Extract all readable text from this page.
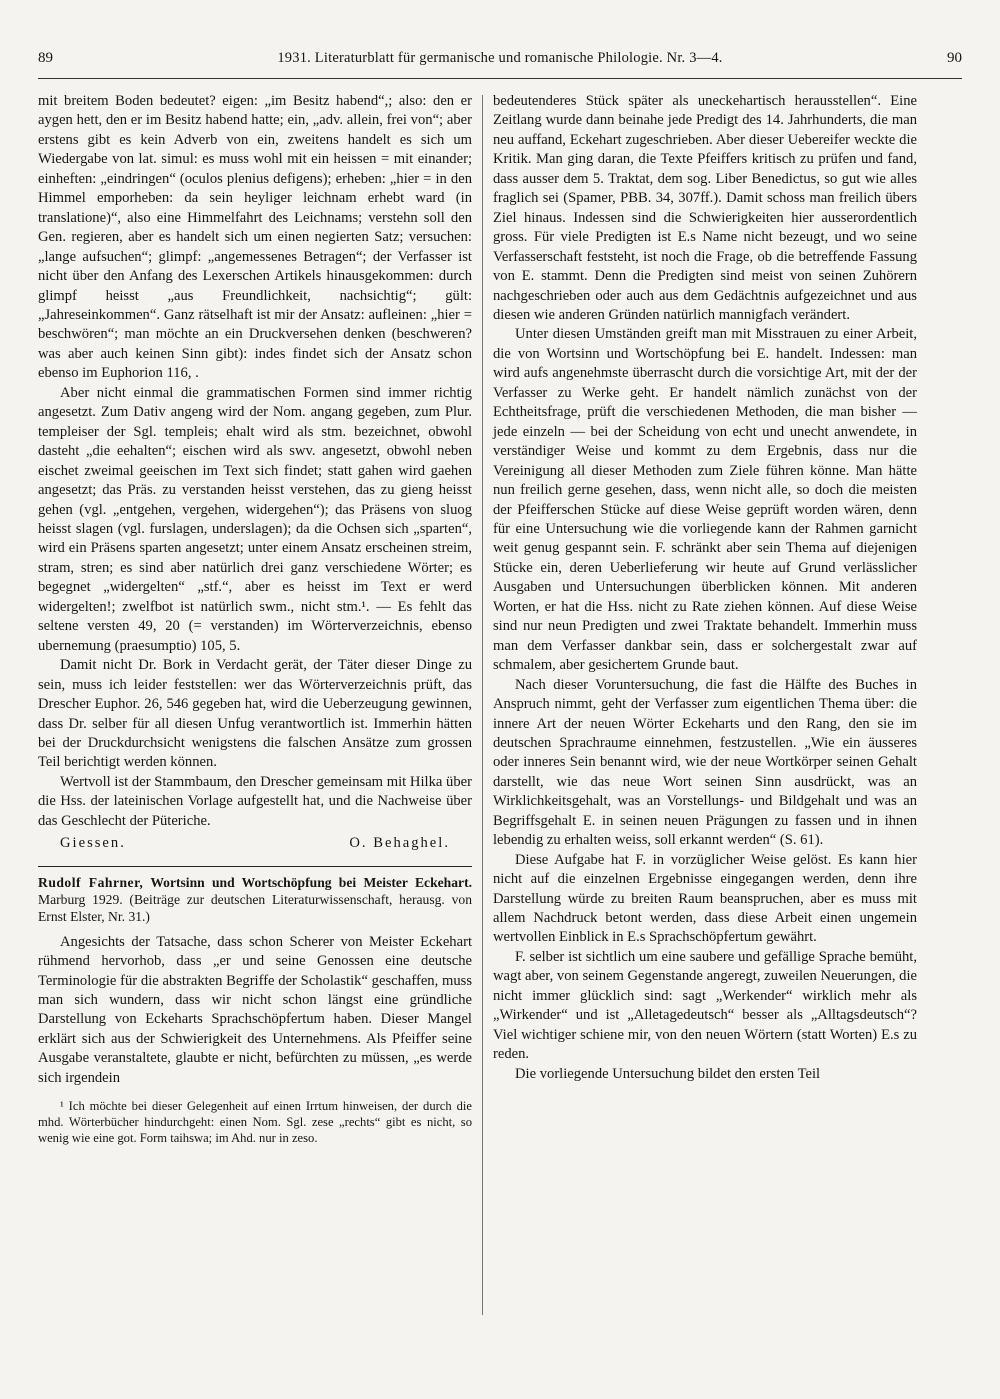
89	1931. Literaturblatt für germanische und romanische Philologie. Nr. 3—4.	90

mit breitem Boden bedeutet? eigen: „im Besitz habend“,; also: den er aygen hett, den er im Besitz habend hatte; ein, „adv. allein, frei von“; aber erstens gibt es kein Adverb von ein, zweitens handelt es sich um Wiedergabe von lat. simul: es muss wohl mit ein heissen = mit einander; einheften: „eindringen“ (oculos plenius defigens); erheben: „hier = in den Himmel emporheben: da sein heyliger leichnam erhebt ward (in translatione)“, also eine Himmelfahrt des Leichnams; verstehn soll den Gen. regieren, aber es handelt sich um einen negierten Satz; versuchen: „lange aufsuchen“; glimpf: „angemessenes Betragen“; der Verfasser ist nicht über den Anfang des Lexerschen Artikels hinausgekommen: durch glimpf heisst „aus Freundlichkeit, nachsichtig“; gült: „Jahreseinkommen“. Ganz rätselhaft ist mir der Ansatz: aufleinen: „hier = beschwören“; man möchte an ein Druckversehen denken (beschweren? was aber auch keinen Sinn gibt): indes findet sich der Ansatz schon ebenso im Euphorion 116, .

Aber nicht einmal die grammatischen Formen sind immer richtig angesetzt. Zum Dativ angeng wird der Nom. angang gegeben, zum Plur. templeiser der Sgl. templeis; ehalt wird als stm. bezeichnet, obwohl dasteht „die eehalten“; eischen wird als swv. angesetzt, obwohl neben eischet zweimal geeischen im Text sich findet; statt gahen wird gaehen angesetzt; das Präs. zu verstanden heisst verstehen, das zu gieng heisst gehen (vgl. „entgehen, vergehen, widergehen“); das Präsens von sluog heisst slagen (vgl. furslagen, underslagen); da die Ochsen sich „sparten“, wird ein Präsens sparten angesetzt; unter einem Ansatz erscheinen streim, stram, stren; es sind aber natürlich drei ganz verschiedene Wörter; es begegnet „widergelten“ „stf.“, aber es heisst im Text er werd widergelten!; zwelfbot ist natürlich swm., nicht stm.¹. — Es fehlt das seltene versten 49, 20 (= verstanden) im Wörterverzeichnis, ebenso ubernemung (praesumptio) 105, 5.

Damit nicht Dr. Bork in Verdacht gerät, der Täter dieser Dinge zu sein, muss ich leider feststellen: wer das Wörterverzeichnis prüft, das Drescher Euphor. 26, 546 gegeben hat, wird die Ueberzeugung gewinnen, dass Dr. selber für all diesen Unfug verantwortlich ist. Immerhin hätten bei der Druckdurchsicht wenigstens die falschen Ansätze zum grossen Teil berichtigt werden können.

Wertvoll ist der Stammbaum, den Drescher gemeinsam mit Hilka über die Hss. der lateinischen Vorlage aufgestellt hat, und die Nachweise über das Geschlecht der Püteriche.

Giessen.	O. Behaghel.
Rudolf Fahrner, Wortsinn und Wortschöpfung bei Meister Eckehart. Marburg 1929. (Beiträge zur deutschen Literaturwissenschaft, herausg. von Ernst Elster, Nr. 31.)

Angesichts der Tatsache, dass schon Scherer von Meister Eckehart rühmend hervorhob, dass „er und seine Genossen eine deutsche Terminologie für die abstrakten Begriffe der Scholastik“ geschaffen, muss man sich wundern, dass wir nicht schon längst eine gründliche Darstellung von Eckeharts Sprachschöpfertum haben. Dieser Mangel erklärt sich aus der Schwierigkeit des Unternehmens. Als Pfeiffer seine Ausgabe veranstaltete, glaubte er nicht, befürchten zu müssen, „es werde sich irgendein

¹ Ich möchte bei dieser Gelegenheit auf einen Irrtum hinweisen, der durch die mhd. Wörterbücher hindurchgeht: einen Nom. Sgl. zese „rechts“ gibt es nicht, so wenig wie eine got. Form taihswa; im Ahd. nur in zeso.

bedeutenderes Stück später als uneckehartisch herausstellen“. Eine Zeitlang wurde dann beinahe jede Predigt des 14. Jahrhunderts, die man neu auffand, Eckehart zugeschrieben. Aber dieser Uebereifer weckte die Kritik. Man ging daran, die Texte Pfeiffers kritisch zu prüfen und fand, dass ausser dem 5. Traktat, dem sog. Liber Benedictus, so gut wie alles fraglich sei (Spamer, PBB. 34, 307ff.). Damit schoss man freilich übers Ziel hinaus. Indessen sind die Schwierigkeiten hier ausserordentlich gross. Für viele Predigten ist E.s Name nicht bezeugt, und wo seine Verfasserschaft feststeht, ist noch die Frage, ob die betreffende Fassung von E. stammt. Denn die Predigten sind meist von seinen Zuhörern nachgeschrieben oder auch aus dem Gedächtnis aufgezeichnet und aus diesen wie anderen Gründen natürlich mannigfach verändert.

Unter diesen Umständen greift man mit Misstrauen zu einer Arbeit, die von Wortsinn und Wortschöpfung bei E. handelt. Indessen: man wird aufs angenehmste überrascht durch die vorsichtige Art, mit der der Verfasser zu Werke geht. Er handelt nämlich zunächst von der Echtheitsfrage, prüft die verschiedenen Methoden, die man bisher — jede einzeln — bei der Scheidung von echt und unecht anwendete, in verständiger Weise und kommt zu dem Ergebnis, dass nur die Vereinigung all dieser Methoden zum Ziele führen könne. Man hätte nun freilich gerne gesehen, dass, wenn nicht alle, so doch die meisten der Pfeifferschen Stücke auf diese Weise geprüft worden wären, denn für eine Untersuchung wie die vorliegende kann der Rahmen garnicht weit genug gespannt sein. F. schränkt aber sein Thema auf diejenigen Stücke ein, deren Ueberlieferung wir heute auf Grund verlässlicher Ausgaben und Untersuchungen überblicken können. Mit anderen Worten, er hat die Hss. nicht zu Rate ziehen können. Auf diese Weise sind nur neun Predigten und zwei Traktate behandelt. Immerhin muss man dem Verfasser dankbar sein, dass er solchergestalt zwar auf schmalem, aber gesichertem Grunde baut.

Nach dieser Voruntersuchung, die fast die Hälfte des Buches in Anspruch nimmt, geht der Verfasser zum eigentlichen Thema über: die innere Art der neuen Wörter Eckeharts und den Rang, den sie im deutschen Sprachraume einnehmen, festzustellen. „Wie ein äusseres oder inneres Sein benannt wird, wie der neue Wortkörper seinen Gehalt darstellt, wie das neue Wort seinen Sinn ausdrückt, was an Wirklichkeitsgehalt, was an Vorstellungs- und Bildgehalt und was an Begriffsgehalt E. in seinen neuen Prägungen zu fassen und in ihnen lebendig zu erhalten weiss, soll erkannt werden“ (S. 61).

Diese Aufgabe hat F. in vorzüglicher Weise gelöst. Es kann hier nicht auf die einzelnen Ergebnisse eingegangen werden, denn ihre Darstellung würde zu breiten Raum beanspruchen, aber es muss mit allem Nachdruck betont werden, dass diese Arbeit einen ungemein wertvollen Einblick in E.s Sprachschöpfertum gewährt.

F. selber ist sichtlich um eine saubere und gefällige Sprache bemüht, wagt aber, von seinem Gegenstande angeregt, zuweilen Neuerungen, die nicht immer glücklich sind: sagt „Werkender“ wirklich mehr als „Wirkender“ und ist „Alletagedeutsch“ besser als „Alltagsdeutsch“? Viel wichtiger schiene mir, von den neuen Wörtern (statt Worten) E.s zu reden.

Die vorliegende Untersuchung bildet den ersten Teil
